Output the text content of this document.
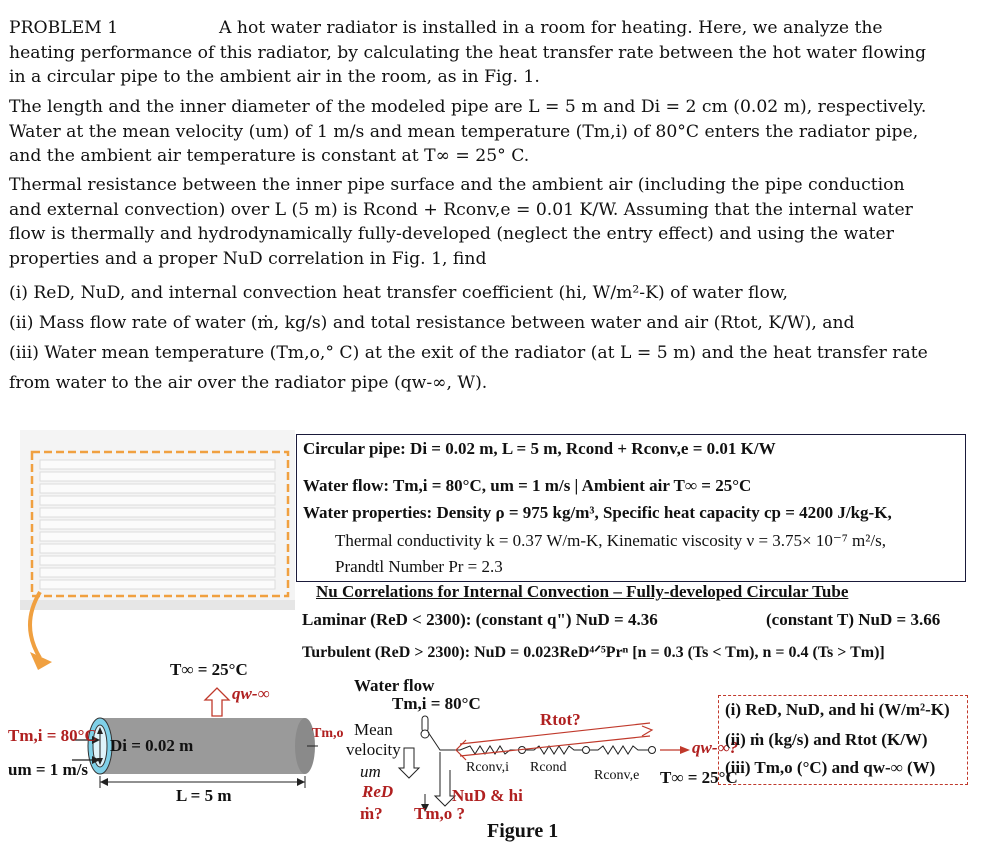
PROBLEM 1	A hot water radiator is installed in a room for heating. Here, we analyze the heating performance of this radiator, by calculating the heat transfer rate between the hot water flowing in a circular pipe to the ambient air in the room, as in Fig. 1.
The length and the inner diameter of the modeled pipe are L = 5 m and Di = 2 cm (0.02 m), respectively. Water at the mean velocity (um) of 1 m/s and mean temperature (Tm,i) of 80°C enters the radiator pipe, and the ambient air temperature is constant at T∞ = 25° C.
Thermal resistance between the inner pipe surface and the ambient air (including the pipe conduction and external convection) over L (5 m) is Rcond + Rconv,e = 0.01 K/W. Assuming that the internal water flow is thermally and hydrodynamically fully-developed (neglect the entry effect) and using the water properties and a proper NuD correlation in Fig. 1, find
(i) ReD, NuD, and internal convection heat transfer coefficient (hi, W/m²-K) of water flow,
(ii) Mass flow rate of water (ṁ, kg/s) and total resistance between water and air (Rtot, K/W), and
(iii) Water mean temperature (Tm,o,° C) at the exit of the radiator (at L = 5 m) and the heat transfer rate from water to the air over the radiator pipe (qw-∞, W).
Circular pipe: Di = 0.02 m, L = 5 m, Rcond + Rconv,e = 0.01 K/W
Water flow: Tm,i = 80°C, um = 1 m/s | Ambient air T∞ = 25°C
Water properties: Density ρ = 975 kg/m³, Specific heat capacity cp = 4200 J/kg-K,
Thermal conductivity k = 0.37 W/m-K, Kinematic viscosity ν = 3.75× 10⁻⁷ m²/s,
Prandtl Number Pr = 2.3
Nu Correlations for Internal Convection – Fully-developed Circular Tube
Laminar (ReD < 2300): (constant q") NuD = 4.36	(constant T) NuD = 3.66
Turbulent (ReD > 2300): NuD = 0.023ReD⁴ᐟ⁵Prⁿ [n = 0.3 (Ts < Tm), n = 0.4 (Ts > Tm)]
T∞ = 25°C
qw-∞
Tm,i = 80°C
um = 1 m/s
Di = 0.02 m
L = 5 m
Tm,o
Water flow
Tm,i = 80°C
Mean
velocity
um
ReD
ṁ? Tm,o ?
Rtot?
Rconv,i Rcond
Rconv,e T∞ = 25°C
qw-∞?
NuD & hi
(i) ReD, NuD, and hi (W/m²-K)
(ii) ṁ (kg/s) and Rtot (K/W)
(iii) Tm,o (°C) and qw-∞ (W)
Figure 1
